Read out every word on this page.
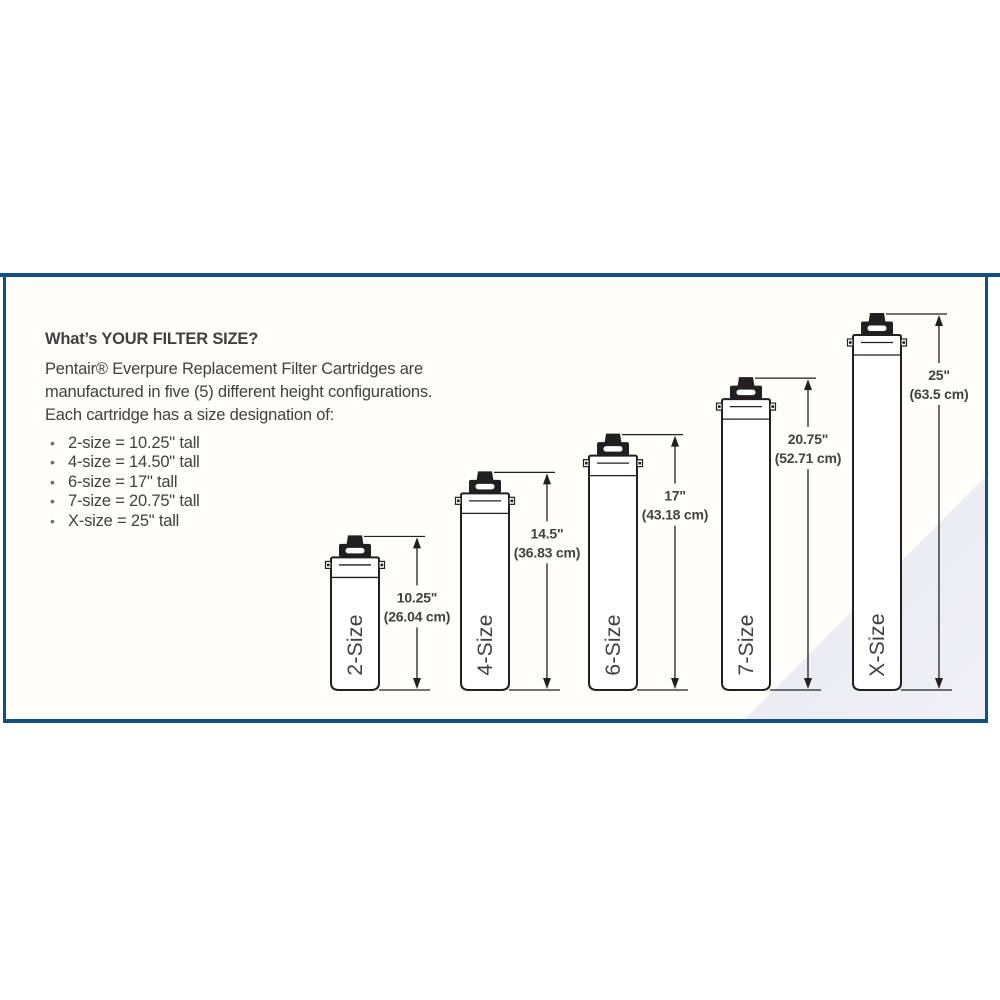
2-Size
10.25"
(26.04 cm) 4-Size
14.5"
(36.83 cm)
6-Size
17"
(43.18 cm)
7-Size
20.75"
(52.71 cm)
X-Size
25"
(63.5 cm)
What’s YOUR FILTER SIZE?

Pentair® Everpure Replacement Filter Cartridges are

manufactured in five (5) different height configurations.

Each cartridge has a size designation of:

• 2-size = 10.25" tall
• 4-size = 14.50" tall
• 6-size = 17" tall
• 7-size = 20.75" tall
• X-size = 25" tall
